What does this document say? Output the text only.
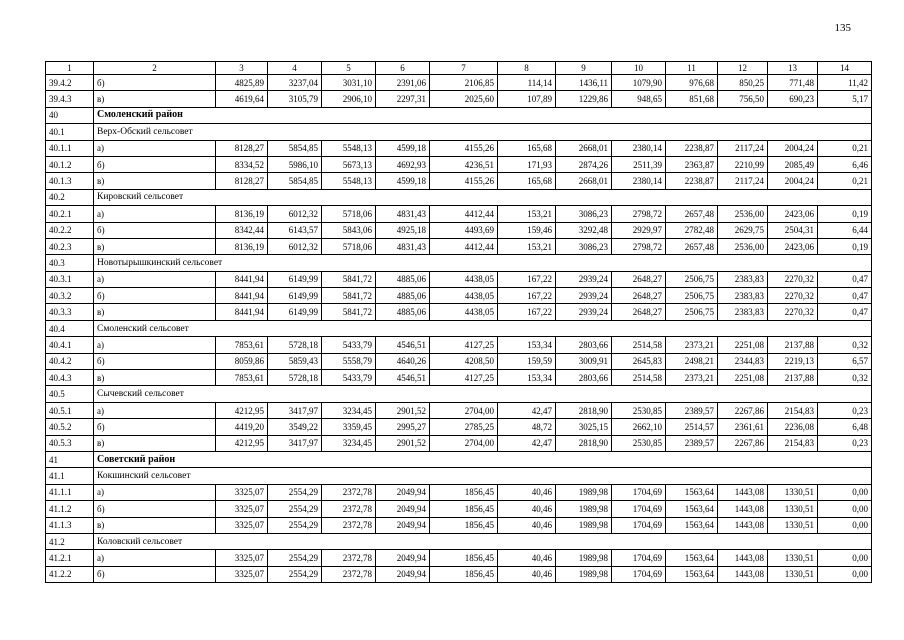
135
1	2	3	4	5	6	7	8	9	10	11	12	13	14
39.4.2	б)	4825,89	3237,04	3031,10	2391,06	2106,85	114,14	1436,11	1079,90	976,68	850,25	771,48	11,42
39.4.3	в)	4619,64	3105,79	2906,10	2297,31	2025,60	107,89	1229,86	948,65	851,68	756,50	690,23	5,17
40	Смоленский район												
40.1	Верх-Обский сельсовет												
40.1.1	а)	8128,27	5854,85	5548,13	4599,18	4155,26	165,68	2668,01	2380,14	2238,87	2117,24	2004,24	0,21
40.1.2	б)	8334,52	5986,10	5673,13	4692,93	4236,51	171,93	2874,26	2511,39	2363,87	2210,99	2085,49	6,46
40.1.3	в)	8128,27	5854,85	5548,13	4599,18	4155,26	165,68	2668,01	2380,14	2238,87	2117,24	2004,24	0,21
40.2	Кировский сельсовет												
40.2.1	а)	8136,19	6012,32	5718,06	4831,43	4412,44	153,21	3086,23	2798,72	2657,48	2536,00	2423,06	0,19
40.2.2	б)	8342,44	6143,57	5843,06	4925,18	4493,69	159,46	3292,48	2929,97	2782,48	2629,75	2504,31	6,44
40.2.3	в)	8136,19	6012,32	5718,06	4831,43	4412,44	153,21	3086,23	2798,72	2657,48	2536,00	2423,06	0,19
40.3	Новотырышкинский сельсовет												
40.3.1	а)	8441,94	6149,99	5841,72	4885,06	4438,05	167,22	2939,24	2648,27	2506,75	2383,83	2270,32	0,47
40.3.2	б)	8441,94	6149,99	5841,72	4885,06	4438,05	167,22	2939,24	2648,27	2506,75	2383,83	2270,32	0,47
40.3.3	в)	8441,94	6149,99	5841,72	4885,06	4438,05	167,22	2939,24	2648,27	2506,75	2383,83	2270,32	0,47
40.4	Смоленский сельсовет												
40.4.1	а)	7853,61	5728,18	5433,79	4546,51	4127,25	153,34	2803,66	2514,58	2373,21	2251,08	2137,88	0,32
40.4.2	б)	8059,86	5859,43	5558,79	4640,26	4208,50	159,59	3009,91	2645,83	2498,21	2344,83	2219,13	6,57
40.4.3	в)	7853,61	5728,18	5433,79	4546,51	4127,25	153,34	2803,66	2514,58	2373,21	2251,08	2137,88	0,32
40.5	Сычевский сельсовет												
40.5.1	а)	4212,95	3417,97	3234,45	2901,52	2704,00	42,47	2818,90	2530,85	2389,57	2267,86	2154,83	0,23
40.5.2	б)	4419,20	3549,22	3359,45	2995,27	2785,25	48,72	3025,15	2662,10	2514,57	2361,61	2236,08	6,48
40.5.3	в)	4212,95	3417,97	3234,45	2901,52	2704,00	42,47	2818,90	2530,85	2389,57	2267,86	2154,83	0,23
41	Советский район												
41.1	Кокшинский сельсовет												
41.1.1	а)	3325,07	2554,29	2372,78	2049,94	1856,45	40,46	1989,98	1704,69	1563,64	1443,08	1330,51	0,00
41.1.2	б)	3325,07	2554,29	2372,78	2049,94	1856,45	40,46	1989,98	1704,69	1563,64	1443,08	1330,51	0,00
41.1.3	в)	3325,07	2554,29	2372,78	2049,94	1856,45	40,46	1989,98	1704,69	1563,64	1443,08	1330,51	0,00
41.2	Коловский сельсовет												
41.2.1	а)	3325,07	2554,29	2372,78	2049,94	1856,45	40,46	1989,98	1704,69	1563,64	1443,08	1330,51	0,00
41.2.2	б)	3325,07	2554,29	2372,78	2049,94	1856,45	40,46	1989,98	1704,69	1563,64	1443,08	1330,51	0,00
